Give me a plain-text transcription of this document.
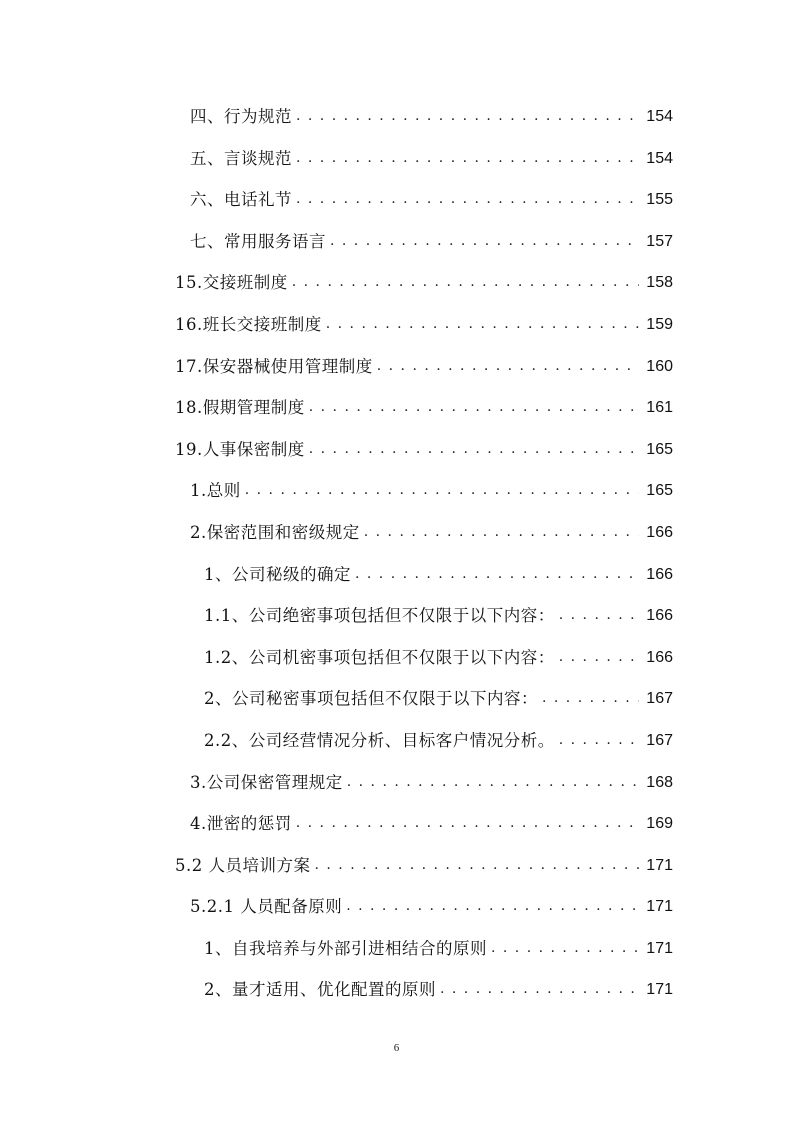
四、行为规范 . . .	154
五、言谈规范 . . .	154
六、电话礼节 . . .	155
七、常用服务语言 . . .	157
15.交接班制度 . . .	158
16.班长交接班制度 . . .	159
17.保安器械使用管理制度 . . .	160
18.假期管理制度 . . .	161
19.人事保密制度 . . .	165
1.总则 . . .	165
2.保密范围和密级规定 . . .	166
1、公司秘级的确定 . . .	166
1.1、公司绝密事项包括但不仅限于以下内容： . . .	166
1.2、公司机密事项包括但不仅限于以下内容： . . .	166
2、公司秘密事项包括但不仅限于以下内容： . . .	167
2.2、公司经营情况分析、目标客户情况分析。 . . .	167
3.公司保密管理规定 . . .	168
4.泄密的惩罚 . . .	169
5.2 人员培训方案 . . .	171
5.2.1 人员配备原则 . . .	171
1、自我培养与外部引进相结合的原则 . . .	171
2、量才适用、优化配置的原则 . . .	171
6
